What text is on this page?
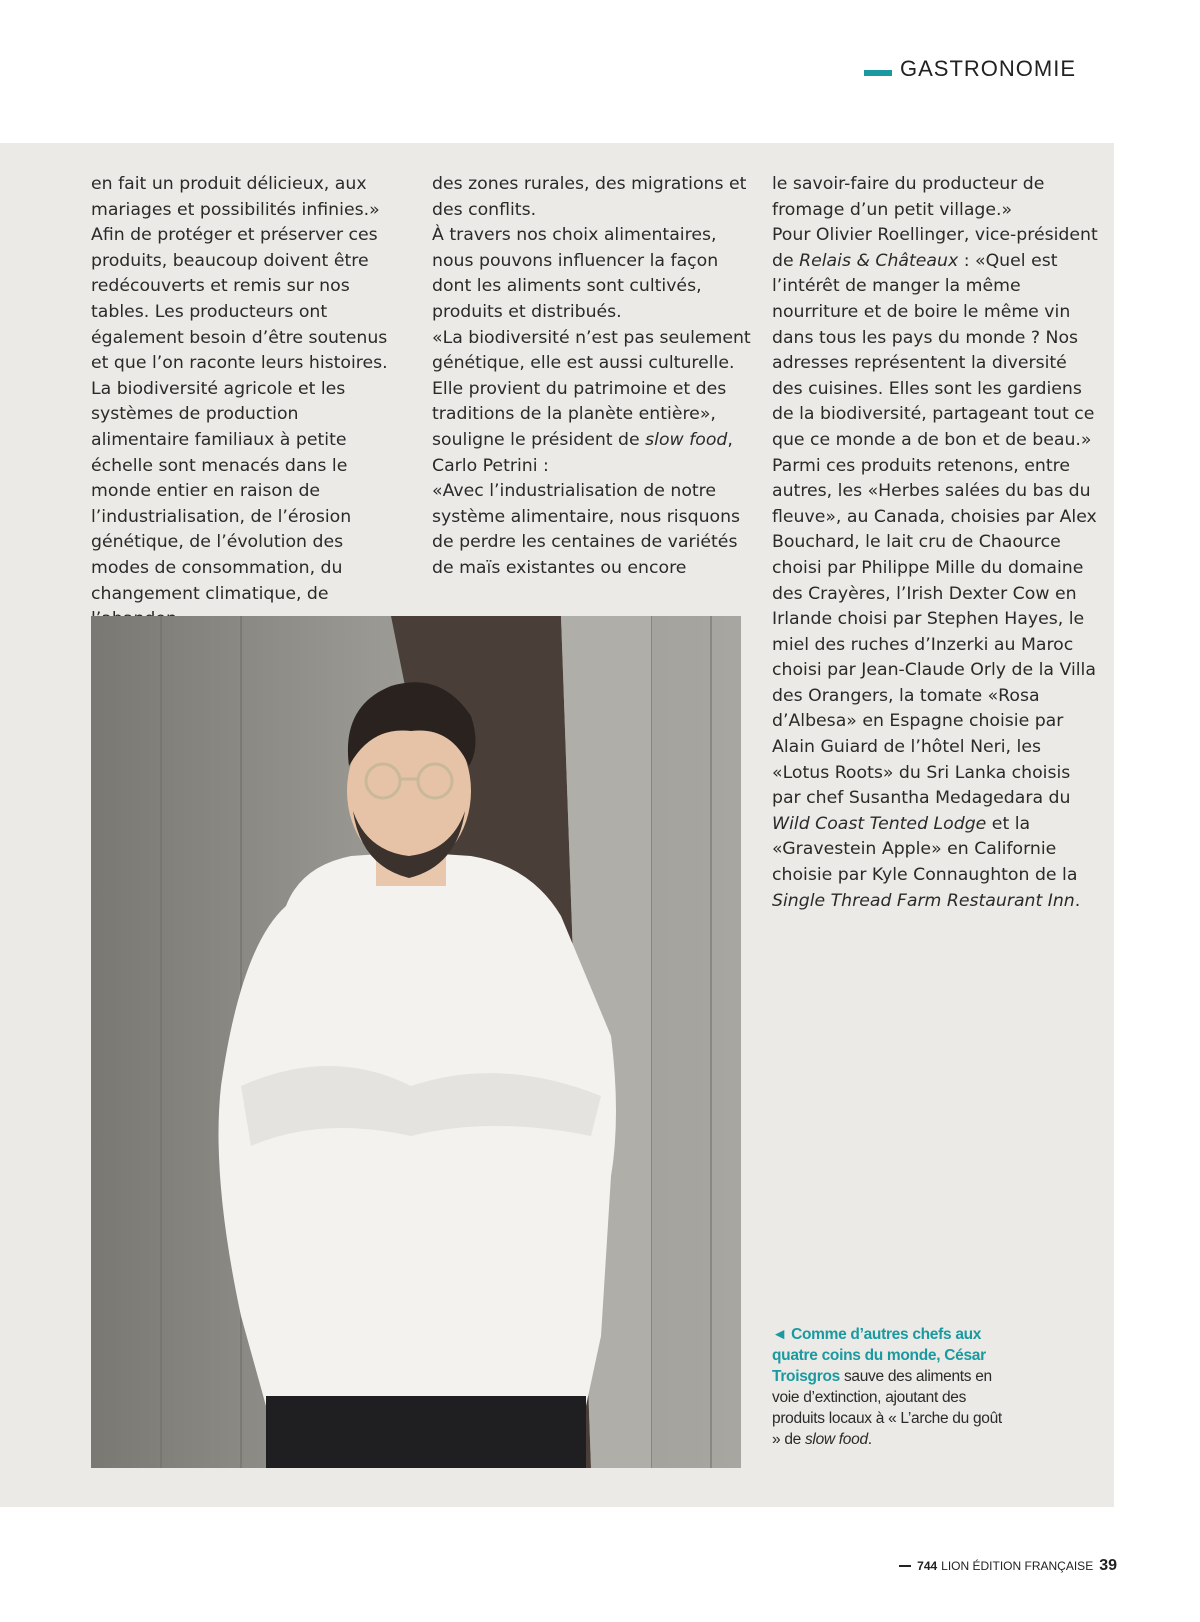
GASTRONOMIE

en fait un produit délicieux, aux mariages et possibilités infinies.»

Afin de protéger et préserver ces produits, beaucoup doivent être redécouverts et remis sur nos tables. Les producteurs ont également besoin d’être soutenus et que l’on raconte leurs histoires. La biodiversité agricole et les systèmes de production alimentaire familiaux à petite échelle sont menacés dans le monde entier en raison de l’industrialisation, de l’érosion génétique, de l’évolution des modes de consommation, du changement climatique, de

des zones rurales, des migrations et des conflits.

À travers nos choix alimentaires, nous pouvons influencer la façon dont les aliments sont cultivés, produits et distribués.

«La biodiversité n’est pas seulement génétique, elle est aussi culturelle. Elle provient du patrimoine et des traditions de la planète entière», souligne le président de slow food, Carlo Petrini :

«Avec l’industrialisation de notre système alimentaire, nous risquons de perdre les centaines de variétés de maïs existantes ou encore

le savoir-faire du producteur de fromage d’un petit village.»

Pour Olivier Roellinger, vice-président de Relais & Châteaux : «Quel est l’intérêt de manger la même nourriture et de boire le même vin dans tous les pays du monde ? Nos adresses représentent la diversité des cuisines. Elles sont les gardiens de la biodiversité, partageant tout ce que ce monde a de bon et de beau.»

Parmi ces produits retenons, entre autres, les «Herbes salées du bas du fleuve», au Canada, choisies par Alex Bouchard, le lait cru de Chaource choisi par Philippe Mille du domaine des Crayères, l’Irish Dexter Cow en Irlande choisi par Stephen Hayes, le miel des ruches d’Inzerki au Maroc choisi par Jean-Claude Orly de la Villa des Orangers, la tomate «Rosa d’Albesa» en Espagne choisie par Alain Guiard de l’hôtel Neri, les «Lotus Roots» du Sri Lanka choisis par chef Susantha Medagedara du Wild Coast Tented Lodge et la «Gravestein Apple» en Californie choisie par Kyle Connaughton de la Single Thread Farm Restaurant Inn.

◄ Comme d’autres chefs aux quatre coins du monde, César Troisgros sauve des aliments en voie d’extinction, ajoutant des produits locaux à « L’arche du goût » de slow food.
744 LION ÉDITION FRANÇAISE 39
